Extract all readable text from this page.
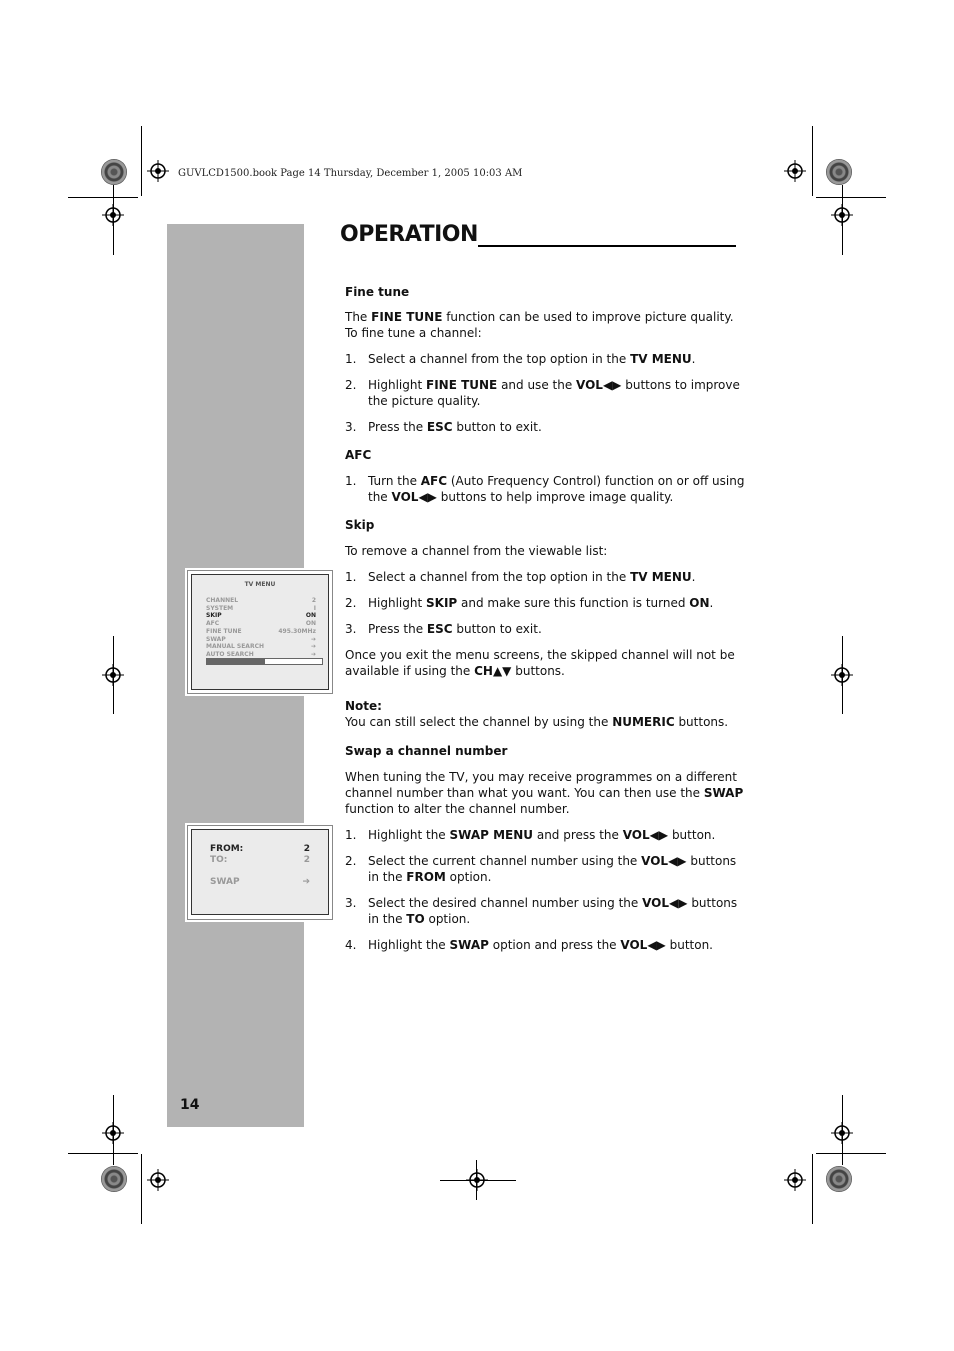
GUVLCD1500.book Page 14 Thursday, December 1, 2005 10:03 AM
14
OPERATION
TV MENU
CHANNEL	2
SYSTEM	I
SKIP	ON
AFC	ON
FINE TUNE	495.30MHz
SWAP	➔
MANUAL SEARCH	➔
AUTO SEARCH	➔
FROM:	2
TO:	2
SWAP	➔

Fine tune

The FINE TUNE function can be used to improve picture quality. To fine tune a channel:

1. Select a channel from the top option in the TV MENU.
2. Highlight FINE TUNE and use the VOL◀▶ buttons to improve the picture quality.
3. Press the ESC button to exit.

AFC

1. Turn the AFC (Auto Frequency Control) function on or off using the VOL◀▶ buttons to help improve image quality.

Skip

To remove a channel from the viewable list:

1. Select a channel from the top option in the TV MENU.
2. Highlight SKIP and make sure this function is turned ON.
3. Press the ESC button to exit.

Once you exit the menu screens, the skipped channel will not be available if using the CH▲▼ buttons.

Note:

You can still select the channel by using the NUMERIC buttons.

Swap a channel number

When tuning the TV, you may receive programmes on a different channel number than what you want. You can then use the SWAP function to alter the channel number.

1. Highlight the SWAP MENU and press the VOL◀▶ button.
2. Select the current channel number using the VOL◀▶ buttons in the FROM option.
3. Select the desired channel number using the VOL◀▶ buttons in the TO option.
4. Highlight the SWAP option and press the VOL◀▶ button.
